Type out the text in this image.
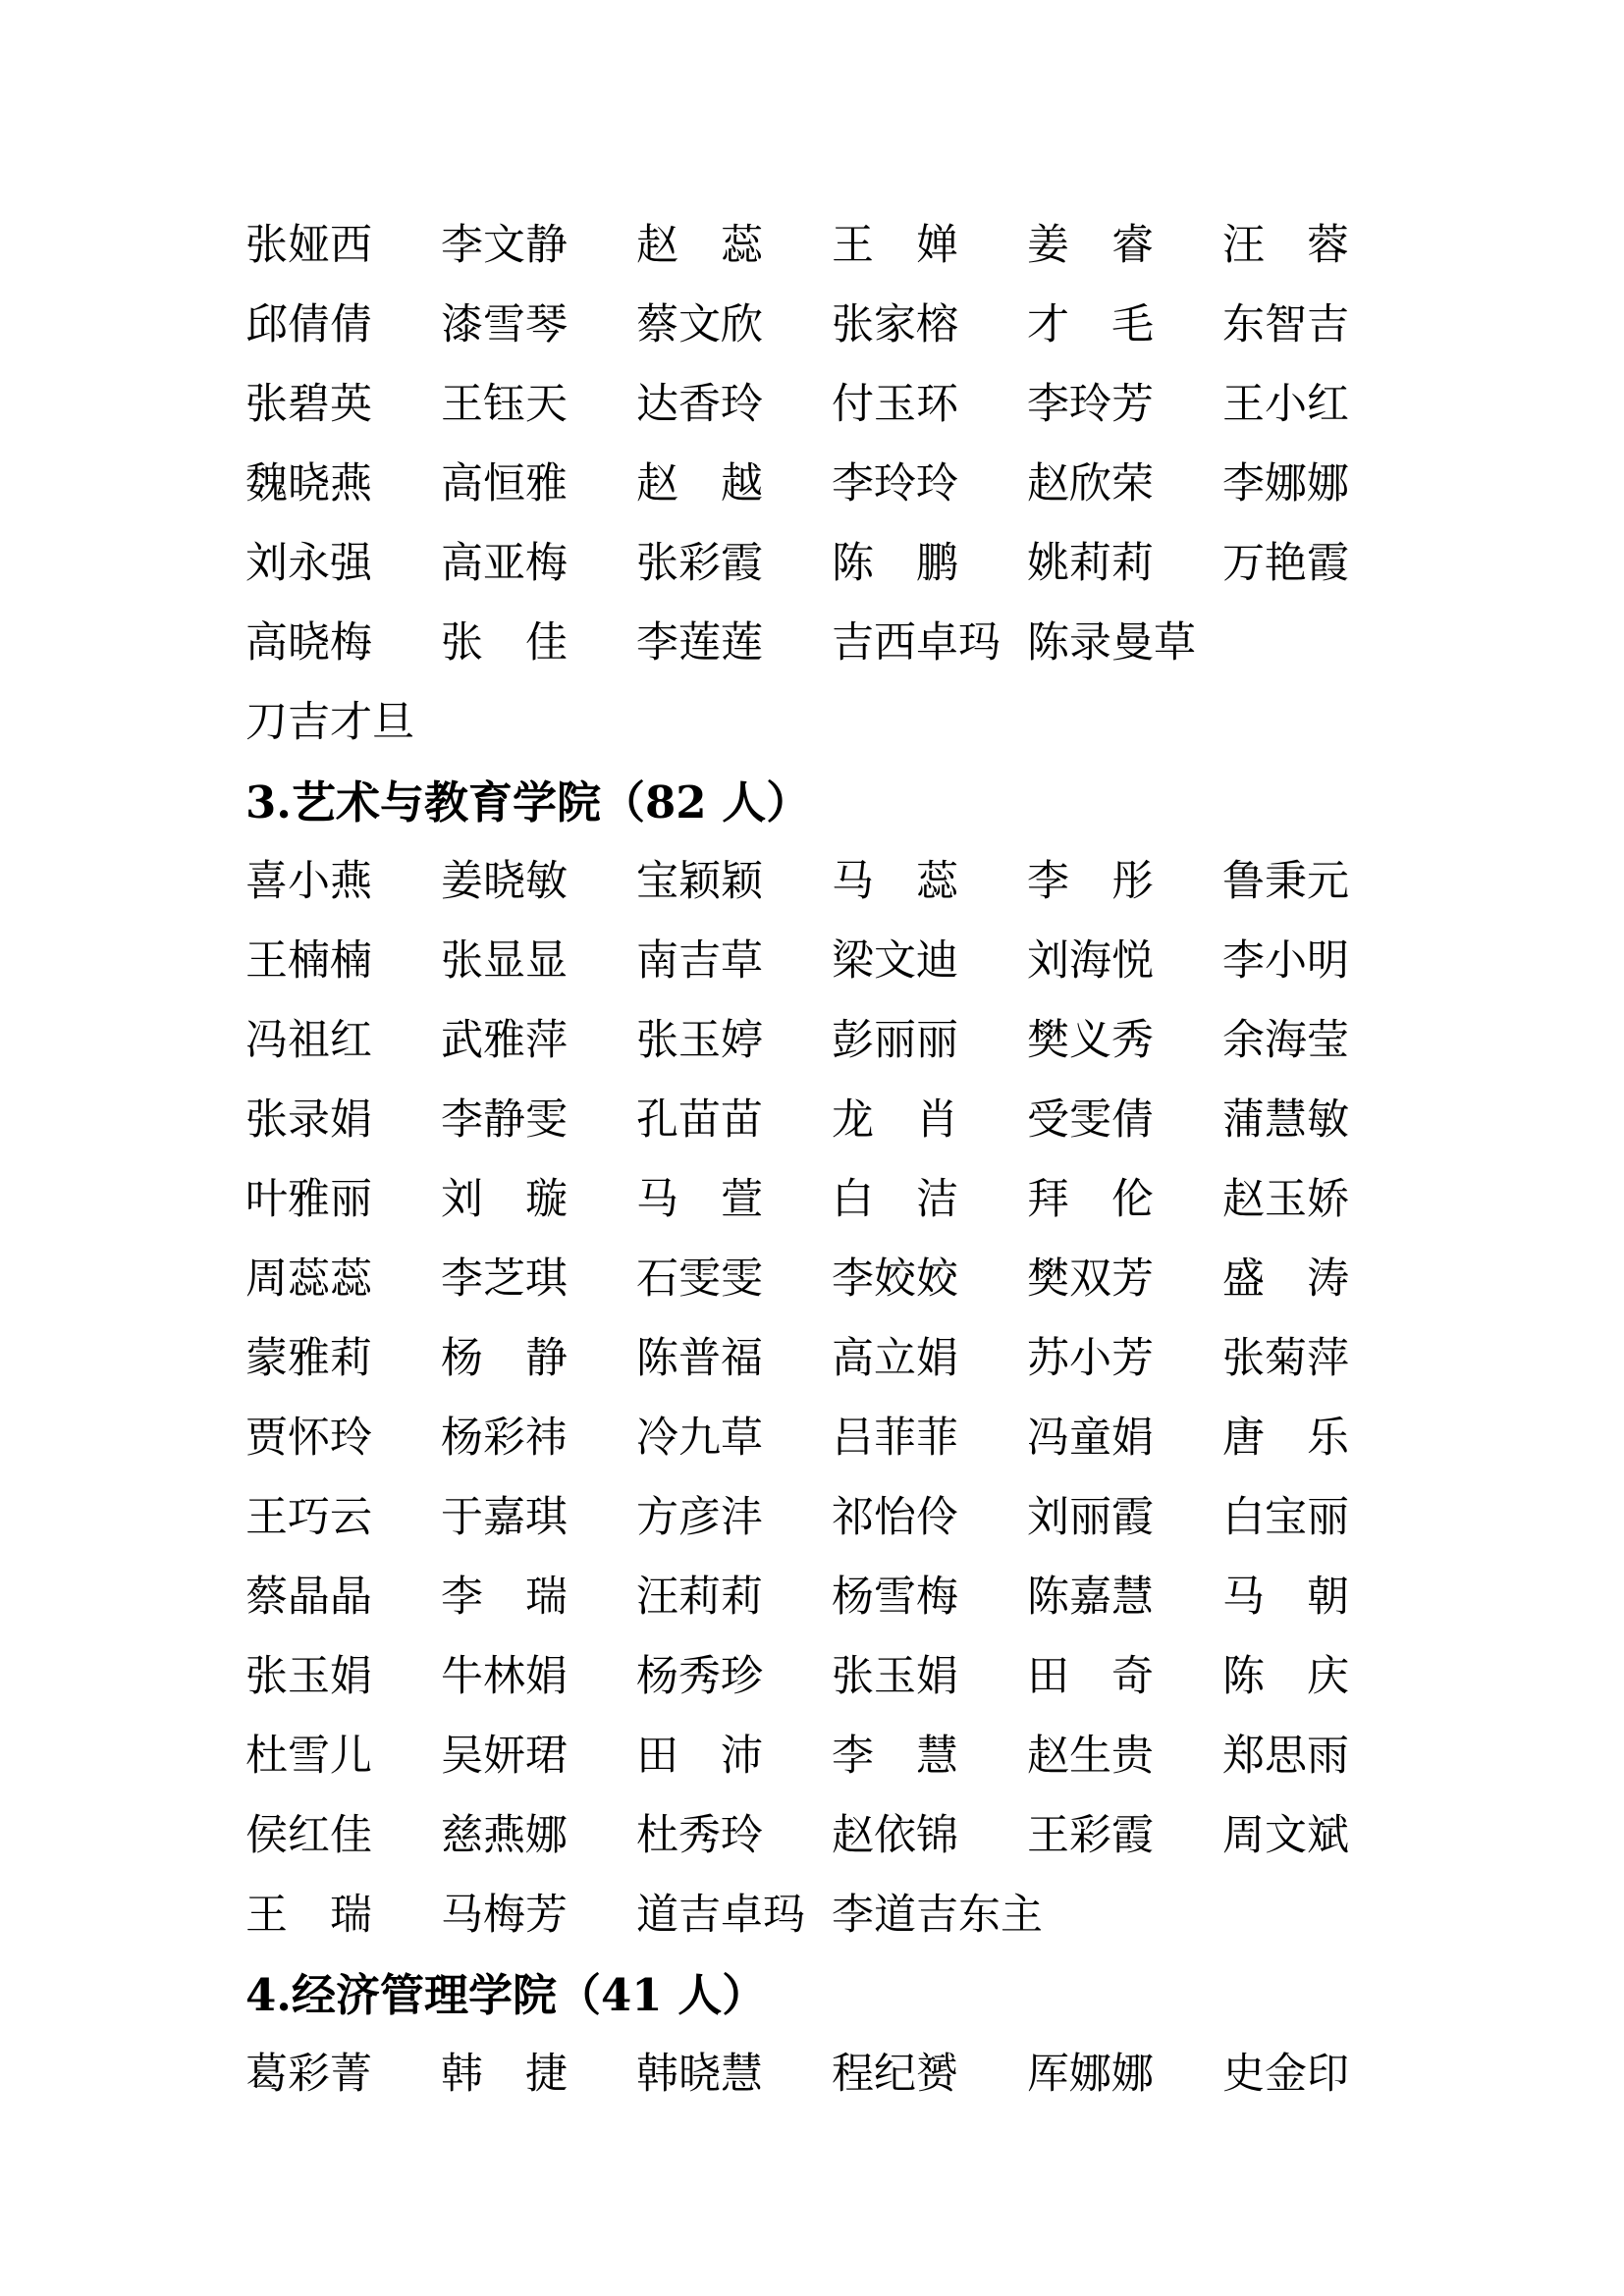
张娅西 李文静 赵　蕊 王　婵 姜　睿 汪　蓉
邱倩倩 漆雪琴 蔡文欣 张家榕 才　毛 东智吉
张碧英 王钰天 达香玲 付玉环 李玲芳 王小红
魏晓燕 高恒雅 赵　越 李玲玲 赵欣荣 李娜娜
刘永强 高亚梅 张彩霞 陈　鹏 姚莉莉 万艳霞
高晓梅 张　佳 李莲莲 吉西卓玛 陈录曼草
刀吉才旦
3.艺术与教育学院（82 人）
喜小燕 姜晓敏 宝颖颖 马　蕊 李　彤 鲁秉元
王楠楠 张显显 南吉草 梁文迪 刘海悦 李小明
冯祖红 武雅萍 张玉婷 彭丽丽 樊义秀 余海莹
张录娟 李静雯 孔苗苗 龙　肖 受雯倩 蒲慧敏
叶雅丽 刘　璇 马　萱 白　洁 拜　伦 赵玉娇
周蕊蕊 李芝琪 石雯雯 李姣姣 樊双芳 盛　涛
蒙雅莉 杨　静 陈普福 高立娟 苏小芳 张菊萍
贾怀玲 杨彩祎 冷九草 吕菲菲 冯童娟 唐　乐
王巧云 于嘉琪 方彦沣 祁怡伶 刘丽霞 白宝丽
蔡晶晶 李　瑞 汪莉莉 杨雪梅 陈嘉慧 马　朝
张玉娟 牛林娟 杨秀珍 张玉娟 田　奇 陈　庆
杜雪儿 吴妍珺 田　沛 李　慧 赵生贵 郑思雨
侯红佳 慈燕娜 杜秀玲 赵依锦 王彩霞 周文斌
王　瑞 马梅芳 道吉卓玛 李道吉东主
4.经济管理学院（41 人）
葛彩菁 韩　捷 韩晓慧 程纪赟 厍娜娜 史金印
